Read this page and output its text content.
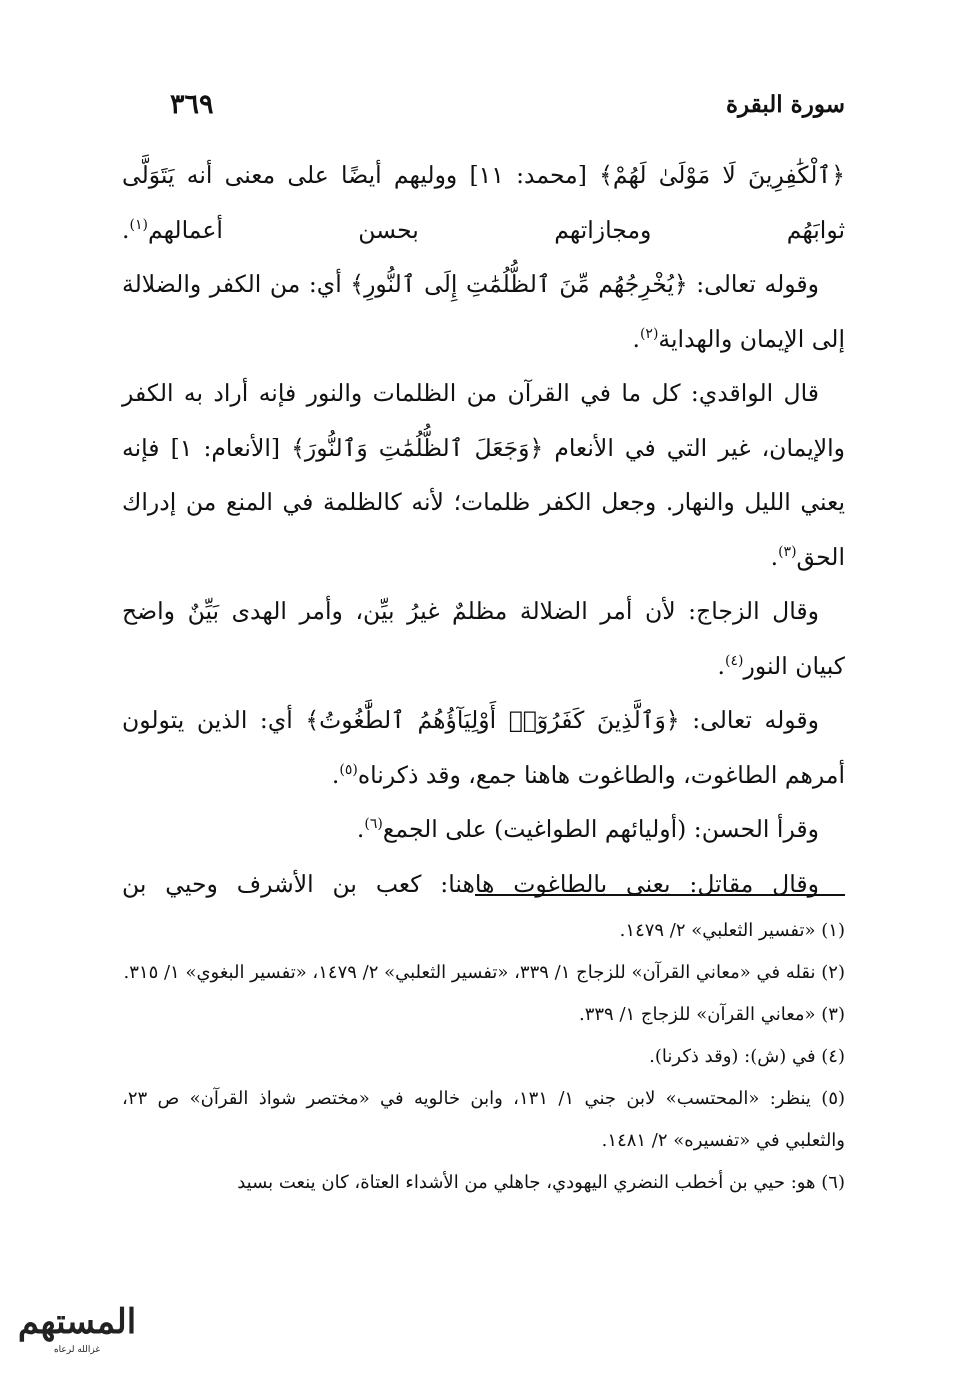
سورة البقرة
٣٦٩

﴿ٱلْكَٰفِرِينَ لَا مَوْلَىٰ لَهُمْ﴾ [محمد: ١١] ووليهم أيضًا على معنى أنه يَتَوَلَّى ثوابَهُم ومجازاتهم بحسن أعمالهم$^{(١)}$.

وقوله تعالى: ﴿يُخْرِجُهُم مِّنَ ٱلظُّلُمَٰتِ إِلَى ٱلنُّورِ﴾ أي: من الكفر والضلالة إلى الإيمان والهداية$^{(٢)}$.

قال الواقدي: كل ما في القرآن من الظلمات والنور فإنه أراد به الكفر والإيمان، غير التي في الأنعام ﴿وَجَعَلَ ٱلظُّلُمَٰتِ وَٱلنُّورَ﴾ [الأنعام: ١] فإنه يعني الليل والنهار. وجعل الكفر ظلمات؛ لأنه كالظلمة في المنع من إدراك الحق$^{(٣)}$.

وقال الزجاج: لأن أمر الضلالة مظلمٌ غيرُ بيِّن، وأمر الهدى بَيِّنٌ واضح كبيان النور$^{(٤)}$.

وقوله تعالى: ﴿وَٱلَّذِينَ كَفَرُوٓا۟ أَوْلِيَآؤُهُمُ ٱلطَّٰغُوتُ﴾ أي: الذين يتولون أمرهم الطاغوت، والطاغوت هاهنا جمع، وقد ذكرناه$^{(٥)}$.

وقرأ الحسن: (أوليائهم الطواغيت) على الجمع$^{(٦)}$.

وقال مقاتل: يعنى بالطاغوت هاهنا: كعب بن الأشرف وحيي بن

(١) «تفسير الثعلبي» ٢/ ١٤٧٩.

(٢) نقله في «معاني القرآن» للزجاج ١/ ٣٣٩، «تفسير الثعلبي» ٢/ ١٤٧٩، «تفسير البغوي» ١/ ٣١٥.

(٣) «معاني القرآن» للزجاج ١/ ٣٣٩.

(٤) في (ش): (وقد ذكرنا).

(٥) ينظر: «المحتسب» لابن جني ١/ ١٣١، وابن خالويه في «مختصر شواذ القرآن» ص ٢٣، والثعلبي في «تفسيره» ٢/ ١٤٨١.

(٦) هو: حيي بن أخطب النضري اليهودي، جاهلي من الأشداء العتاة، كان ينعت بسيد

المستهم
غزالله لرعاه
